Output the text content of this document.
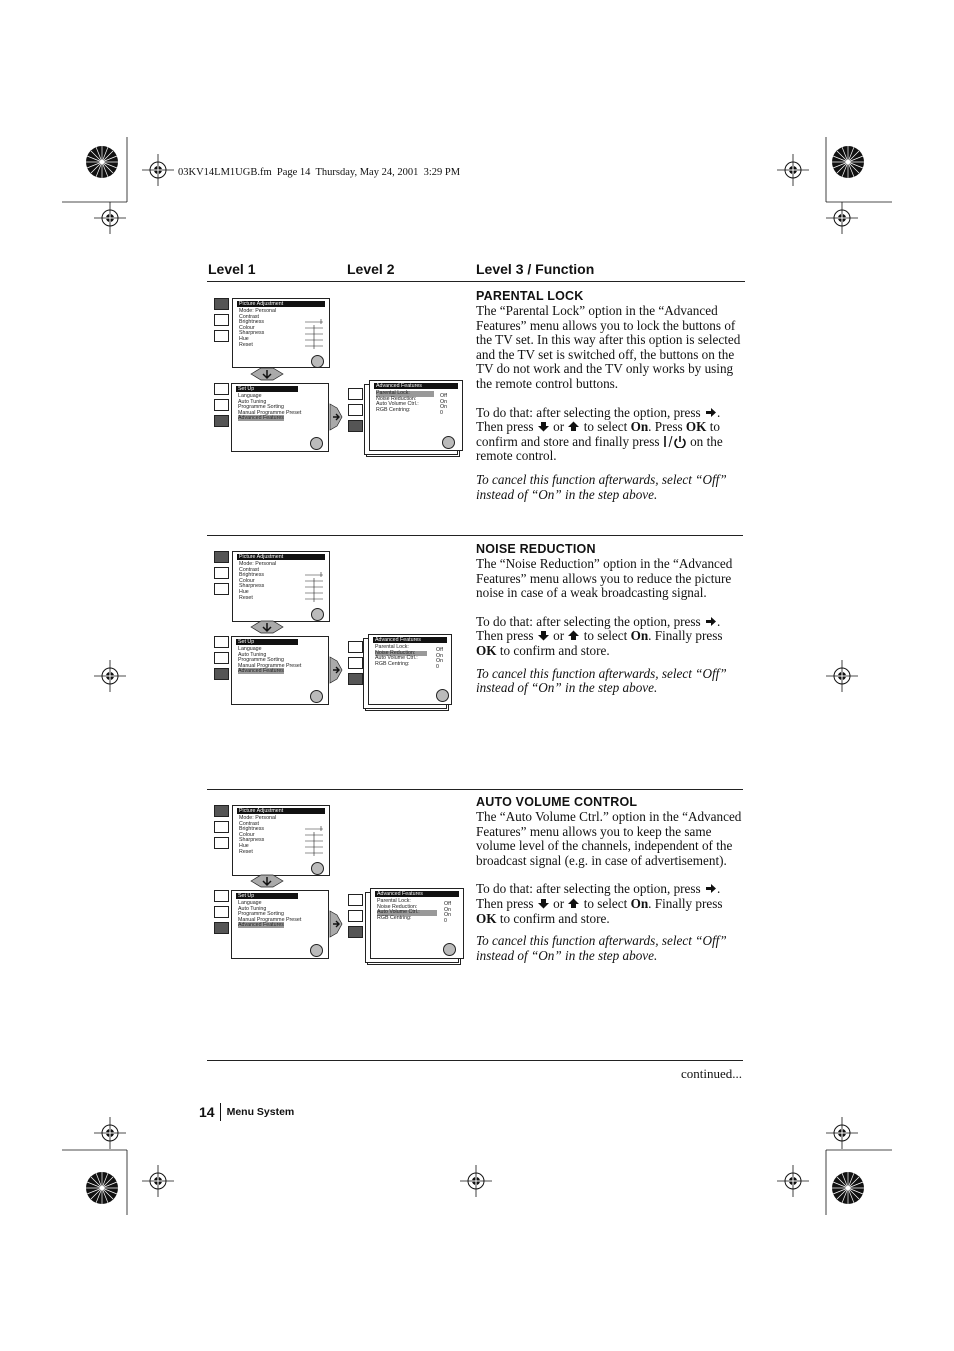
03KV14LM1UGB.fm  Page 14  Thursday, May 24, 2001  3:29 PM
Level 1	Level 2	Level 3 / Function
Picture Adjustment
Mode: Personal
Contrast
Brightness
Colour
Sharpness
Hue
Reset
Set Up
Language
Auto Tuning
Programme Sorting
Manual Programme Preset
Advanced Features
Advanced Features
Parental Lock:
Noise Reduction:
Auto Volume Ctrl.:
RGB Centring:
Off
On
On
0
PARENTAL LOCK

The “Parental Lock” option in the “Advanced Features” menu allows you to lock the buttons of the TV set. In this way after this option is selected and the TV set is switched off, the buttons on the TV do not work and the TV only works by using the remote control buttons.

To do that: after selecting the option, press . Then press or to select On. Press OK to confirm and store and finally press on the remote control.

To cancel this function afterwards, select “Off” instead of “On” in the step above.

Picture Adjustment
Mode: Personal
Contrast
Brightness
Colour
Sharpness
Hue
Reset
Set Up
Language
Auto Tuning
Programme Sorting
Manual Programme Preset
Advanced Features
Advanced Features
Parental Lock:
Noise Reduction:
Auto Volume Ctrl.:
RGB Centring:
Off
On
On
0
NOISE REDUCTION

The “Noise Reduction” option in the “Advanced Features” menu allows you to reduce the picture noise in case of a weak broadcasting signal.

To do that: after selecting the option, press . Then press or to select On. Finally press OK to confirm and store.

To cancel this function afterwards, select “Off” instead of “On” in the step above.

Picture Adjustment
Mode: Personal
Contrast
Brightness
Colour
Sharpness
Hue
Reset
Set Up
Language
Auto Tuning
Programme Sorting
Manual Programme Preset
Advanced Features
Advanced Features
Parental Lock:
Noise Reduction:
Auto Volume Ctrl.:
RGB Centring:
Off
On
On
0
AUTO VOLUME CONTROL

The “Auto Volume Ctrl.” option in the “Advanced Features” menu allows you to keep the same volume level of the channels, independent of the broadcast signal (e.g. in case of advertisement).

To do that: after selecting the option, press . Then press or to select On. Finally press OK to confirm and store.

To cancel this function afterwards, select “Off” instead of “On” in the step above.

continued...
14 Menu System
